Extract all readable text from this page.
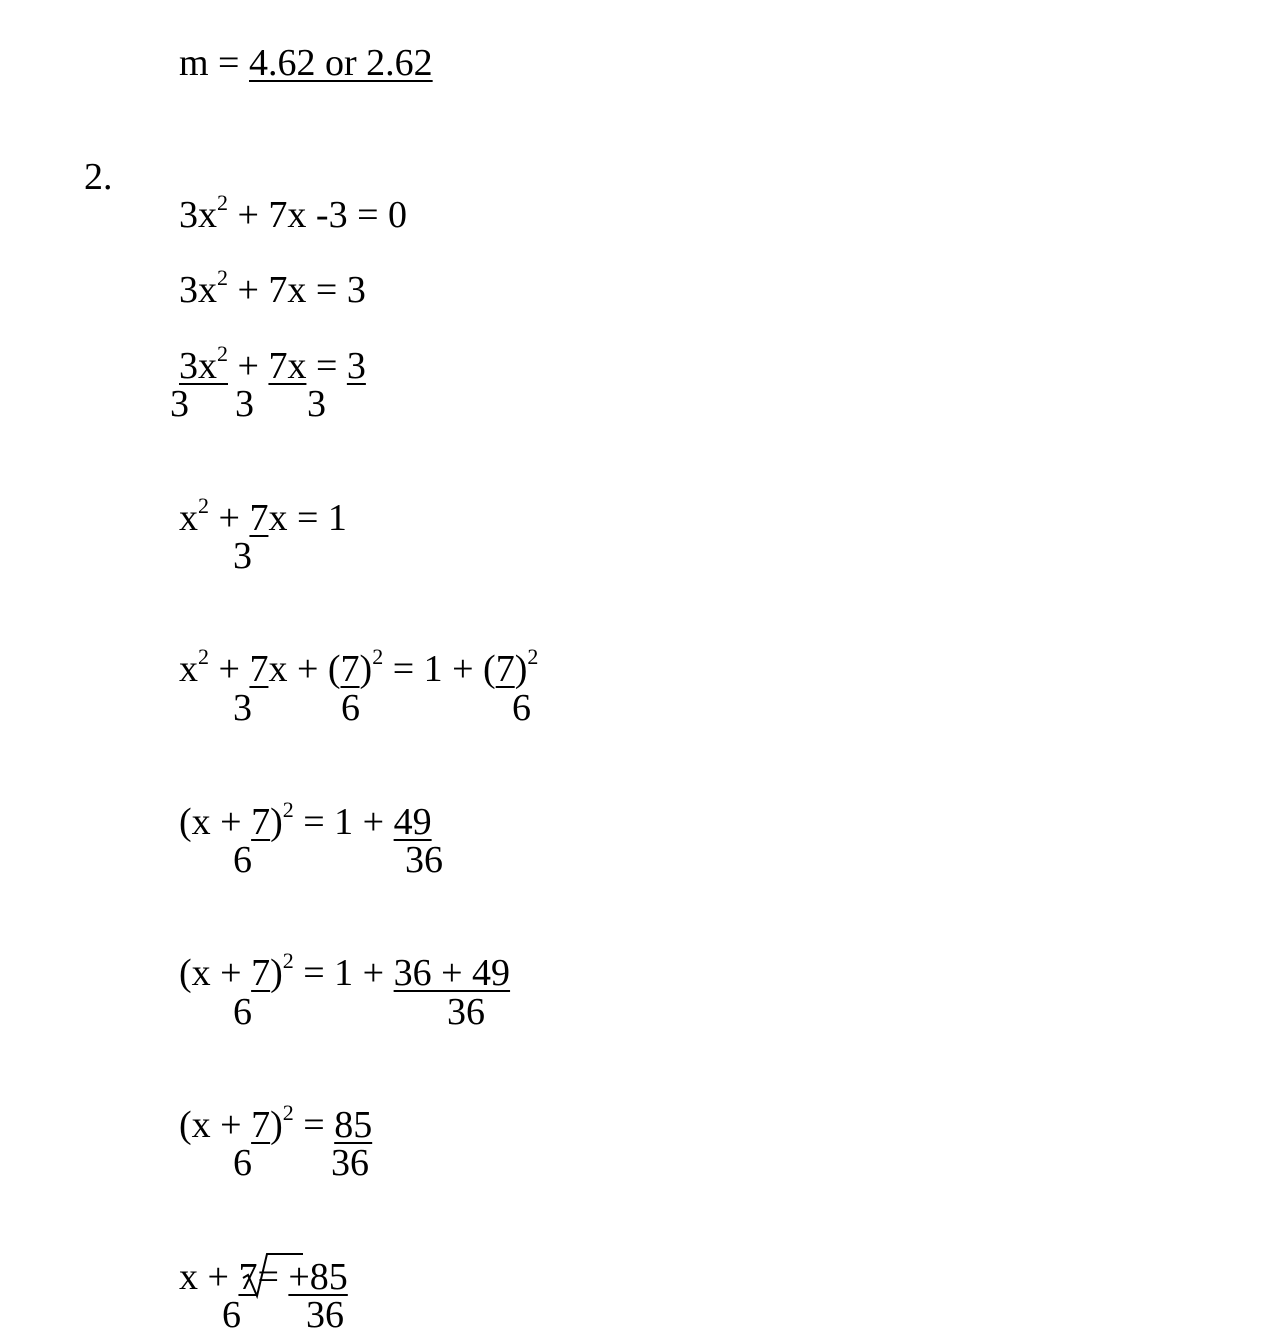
m = 4.62 or 2.62

2.

$3x^2 + 7x$ -3 = 0

$3x^2 + 7x = 3$

$3x^2 + 7x = 3$

3 3 3

$x^2 + 7x = 1$

3

$x^2 + 7x + (7)^2 = 1 + (7)^2$

3 6	6

$(x + 7)^2 = 1 + 49$

6	36

$(x + 7)^2 = 1 + 36 + 49$

6	36

$(x + 7)^2 = 85$

6 36

x + 7
= +85

6 36
